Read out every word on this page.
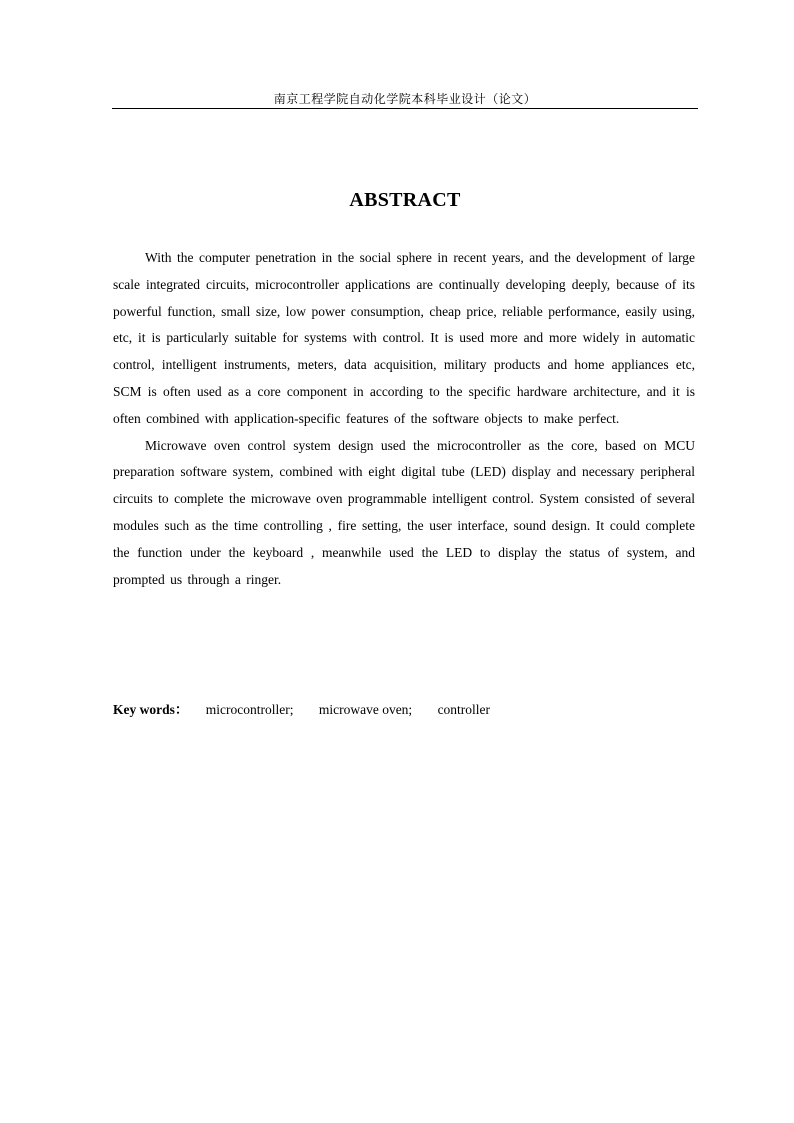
南京工程学院自动化学院本科毕业设计（论文）
ABSTRACT

With the computer penetration in the social sphere in recent years, and the development of large scale integrated circuits, microcontroller applications are continually developing deeply, because of its powerful function, small size, low power consumption, cheap price, reliable performance, easily using, etc, it is particularly suitable for systems with control. It is used more and more widely in automatic control, intelligent instruments, meters, data acquisition, military products and home appliances etc, SCM is often used as a core component in according to the specific hardware architecture, and it is often combined with application-specific features of the software objects to make perfect.

Microwave oven control system design used the microcontroller as the core, based on MCU preparation software system, combined with eight digital tube (LED) display and necessary peripheral circuits to complete the microwave oven programmable intelligent control. System consisted of several modules such as the time controlling , fire setting, the user interface, sound design. It could complete the function under the keyboard , meanwhile used the LED to display the status of system, and prompted us through a ringer.

Key words： microcontroller; microwave oven; controller
